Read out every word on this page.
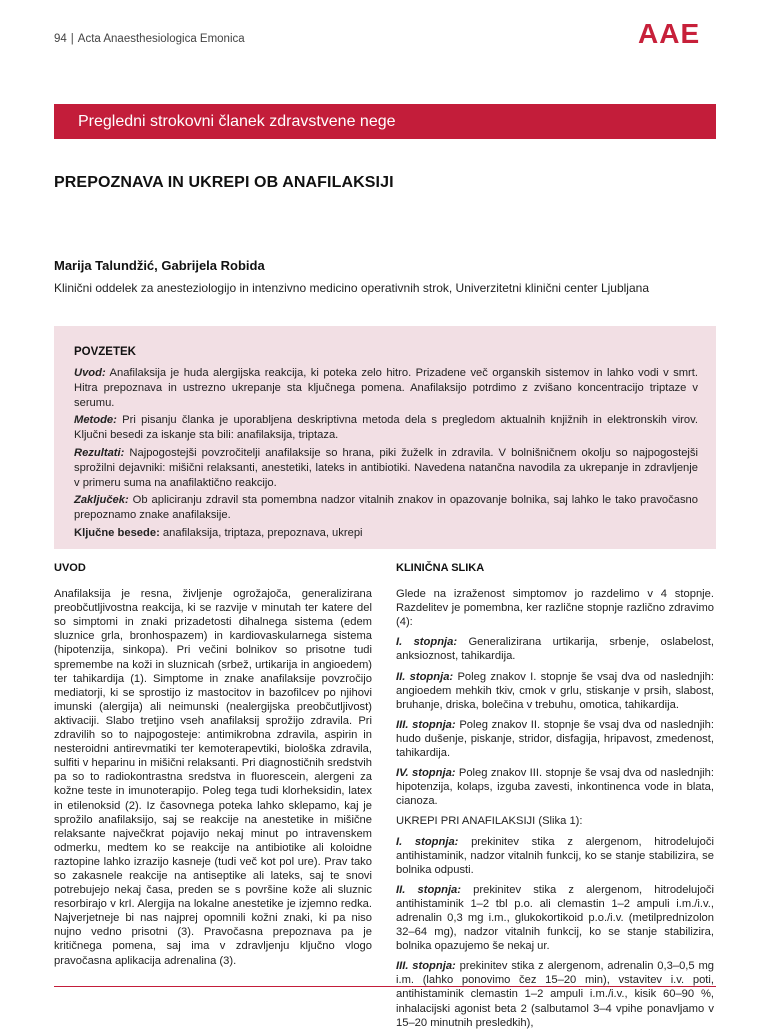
94 | Acta Anaesthesiologica Emonica	AAE
Pregledni strokovni članek zdravstvene nege
PREPOZNAVA IN UKREPI OB ANAFILAKSIJI
Marija Talundžić, Gabrijela Robida
Klinični oddelek za anesteziologijo in intenzivno medicino operativnih strok, Univerzitetni klinični center Ljubljana
POVZETEK

Uvod: Anafilaksija je huda alergijska reakcija, ki poteka zelo hitro. Prizadene več organskih sistemov in lahko vodi v smrt. Hitra prepoznava in ustrezno ukrepanje sta ključnega pomena. Anafilaksijo potrdimo z zvišano koncentracijo triptaze v serumu.

Metode: Pri pisanju članka je uporabljena deskriptivna metoda dela s pregledom aktualnih knjižnih in elektronskih virov. Ključni besedi za iskanje sta bili: anafilaksija, triptaza.

Rezultati: Najpogostejši povzročitelji anafilaksije so hrana, piki žuželk in zdravila. V bolnišničnem okolju so najpogostejši sprožilni dejavniki: mišični relaksanti, anestetiki, lateks in antibiotiki. Navedena natančna navodila za ukrepanje in zdravljenje v primeru suma na anafilaktično reakcijo.

Zaključek: Ob apliciranju zdravil sta pomembna nadzor vitalnih znakov in opazovanje bolnika, saj lahko le tako pravočasno prepoznamo znake anafilaksije.

Ključne besede: anafilaksija, triptaza, prepoznava, ukrepi

UVOD

Anafilaksija je resna, življenje ogrožajoča, generalizirana preobčutljivostna reakcija, ki se razvije v minutah ter katere del so simptomi in znaki prizadetosti dihalnega sistema (edem sluznice grla, bronhospazem) in kardiovaskularnega sistema (hipotenzija, sinkopa). Pri večini bolnikov so prisotne tudi spremembe na koži in sluznicah (srbež, urtikarija in angioedem) ter tahikardija (1). Simptome in znake anafilaksije povzročijo mediatorji, ki se sprostijo iz mastocitov in bazofilcev po njihovi imunski (alergija) ali neimunski (nealergijska preobčutljivost) aktivaciji. Slabo tretjino vseh anafilaksij sprožijo zdravila. Pri zdravilih so to najpogosteje: antimikrobna zdravila, aspirin in nesteroidni antirevmatiki ter kemoterapevtiki, biološka zdravila, sulfiti v heparinu in mišični relaksanti. Pri diagnostičnih sredstvih pa so to radiokontrastna sredstva in fluorescein, alergeni za kožne teste in imunoterapijo. Poleg tega tudi klorheksidin, latex in etilenoksid (2). Iz časovnega poteka lahko sklepamo, kaj je sprožilo anafilaksijo, saj se reakcije na anestetike in mišične relaksante največkrat pojavijo nekaj minut po intravenskem odmerku, medtem ko se reakcije na antibiotike ali koloidne raztopine lahko izrazijo kasneje (tudi več kot pol ure). Prav tako so zakasnele reakcije na antiseptike ali lateks, saj te snovi potrebujejo nekaj časa, preden se s površine kože ali sluznic resorbirajo v krI. Alergija na lokalne anestetike je izjemno redka. Najverjetneje bi nas najprej opomnili kožni znaki, ki pa niso nujno vedno prisotni (3). Pravočasna prepoznava pa je kritičnega pomena, saj ima v zdravljenju ključno vlogo pravočasna aplikacija adrenalina (3).

KLINIČNA SLIKA

Glede na izraženost simptomov jo razdelimo v 4 stopnje. Razdelitev je pomembna, ker različne stopnje različno zdravimo (4):

I. stopnja: Generalizirana urtikarija, srbenje, oslabelost, anksioznost, tahikardija.

II. stopnja: Poleg znakov I. stopnje še vsaj dva od naslednjih: angioedem mehkih tkiv, cmok v grlu, stiskanje v prsih, slabost, bruhanje, driska, bolečina v trebuhu, omotica, tahikardija.

III. stopnja: Poleg znakov II. stopnje še vsaj dva od naslednjih: hudo dušenje, piskanje, stridor, disfagija, hripavost, zmedenost, tahikardija.

IV. stopnja: Poleg znakov III. stopnje še vsaj dva od naslednjih: hipotenzija, kolaps, izguba zavesti, inkontinenca vode in blata, cianoza.

UKREPI PRI ANAFILAKSIJI (Slika 1):

I. stopnja: prekinitev stika z alergenom, hitrodelujoči antihistaminik, nadzor vitalnih funkcij, ko se stanje stabilizira, se bolnika odpusti.

II. stopnja: prekinitev stika z alergenom, hitrodelujoči antihistaminik 1–2 tbl p.o. ali clemastin 1–2 ampuli i.m./i.v., adrenalin 0,3 mg i.m., glukokortikoid p.o./i.v. (metilprednizolon 32–64 mg), nadzor vitalnih funkcij, ko se stanje stabilizira, bolnika opazujemo še nekaj ur.

III. stopnja: prekinitev stika z alergenom, adrenalin 0,3–0,5 mg i.m. (lahko ponovimo čez 15–20 min), vstavitev i.v. poti, antihistaminik clemastin 1–2 ampuli i.m./i.v., kisik 60–90 %, inhalacijski agonist beta 2 (salbutamol 3–4 vpihe ponavljamo v 15–20 minutnih presledkih),
